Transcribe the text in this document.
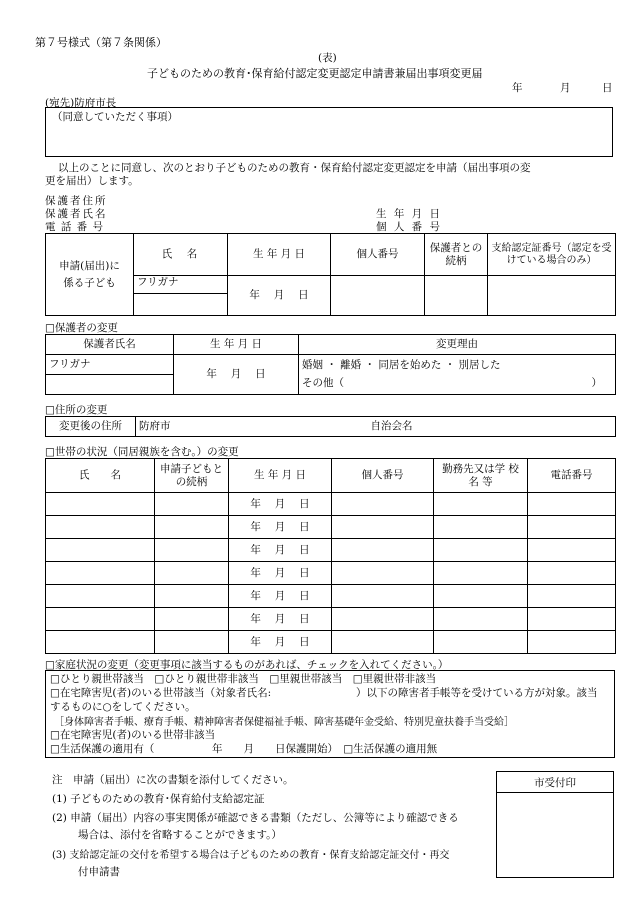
第７号様式（第７条関係）
(表)
子どものための教育･保育給付認定変更認定申請書兼届出事項変更届
年	月	日
(宛先)防府市長
（同意していただく事項）
以上のことに同意し、次のとおり子どものための教育・保育給付認定変更認定を申請（届出事項の変
更を届出）します。
保護者住所
保護者氏名
電 話 番 号
生 年 月 日
個 人 番 号
申請(届出)に係る子ども	氏　名	生 年 月 日	個人番号	保護者との続柄	支給認定証番号（認定を受けている場合のみ）
	フリガナ	年　 月　 日			

□保護者の変更
保護者氏名	生 年 月 日	変更理由
フリガナ	年　 月　 日	婚姻 ・ 離婚 ・ 同居を始めた ・ 別居した
その他（ ）

□住所の変更
変更後の住所	防府市	自治会名
□世帯の状況（同居親族を含む。）の変更
氏　　名	申請子どもとの続柄	生 年 月 日	個人番号	勤務先又は学 校 名 等	電話番号
		年　 月　 日			
		年　 月　 日			
		年　 月　 日			
		年　 月　 日			
		年　 月　 日			
		年　 月　 日			
		年　 月　 日			
□家庭状況の変更（変更事項に該当するものがあれば、チェックを入れてください。）
□ひとり親世帯該当　□ひとり親世帯非該当　□里親世帯該当　□里親世帯非該当
□在宅障害児(者)のいる世帯該当（対象者氏名:	）以下の障害者手帳等を受けている方が対象。該当
するものに○をしてください。
［身体障害者手帳、療育手帳、精神障害者保健福祉手帳、障害基礎年金受給、特別児童扶養手当受給］
□在宅障害児(者)のいる世帯非該当
□生活保護の適用有（	年　　月　　日保護開始）　□生活保護の適用無
注　申請（届出）に次の書類を添付してください。
(1) 子どものための教育･保育給付支給認定証
(2) 申請（届出）内容の事実関係が確認できる書類（ただし、公簿等により確認できる
場合は、添付を省略することができます。）
(3) 支給認定証の交付を希望する場合は子どものための教育・保育支給認定証交付・再交
付申請書
市受付印
